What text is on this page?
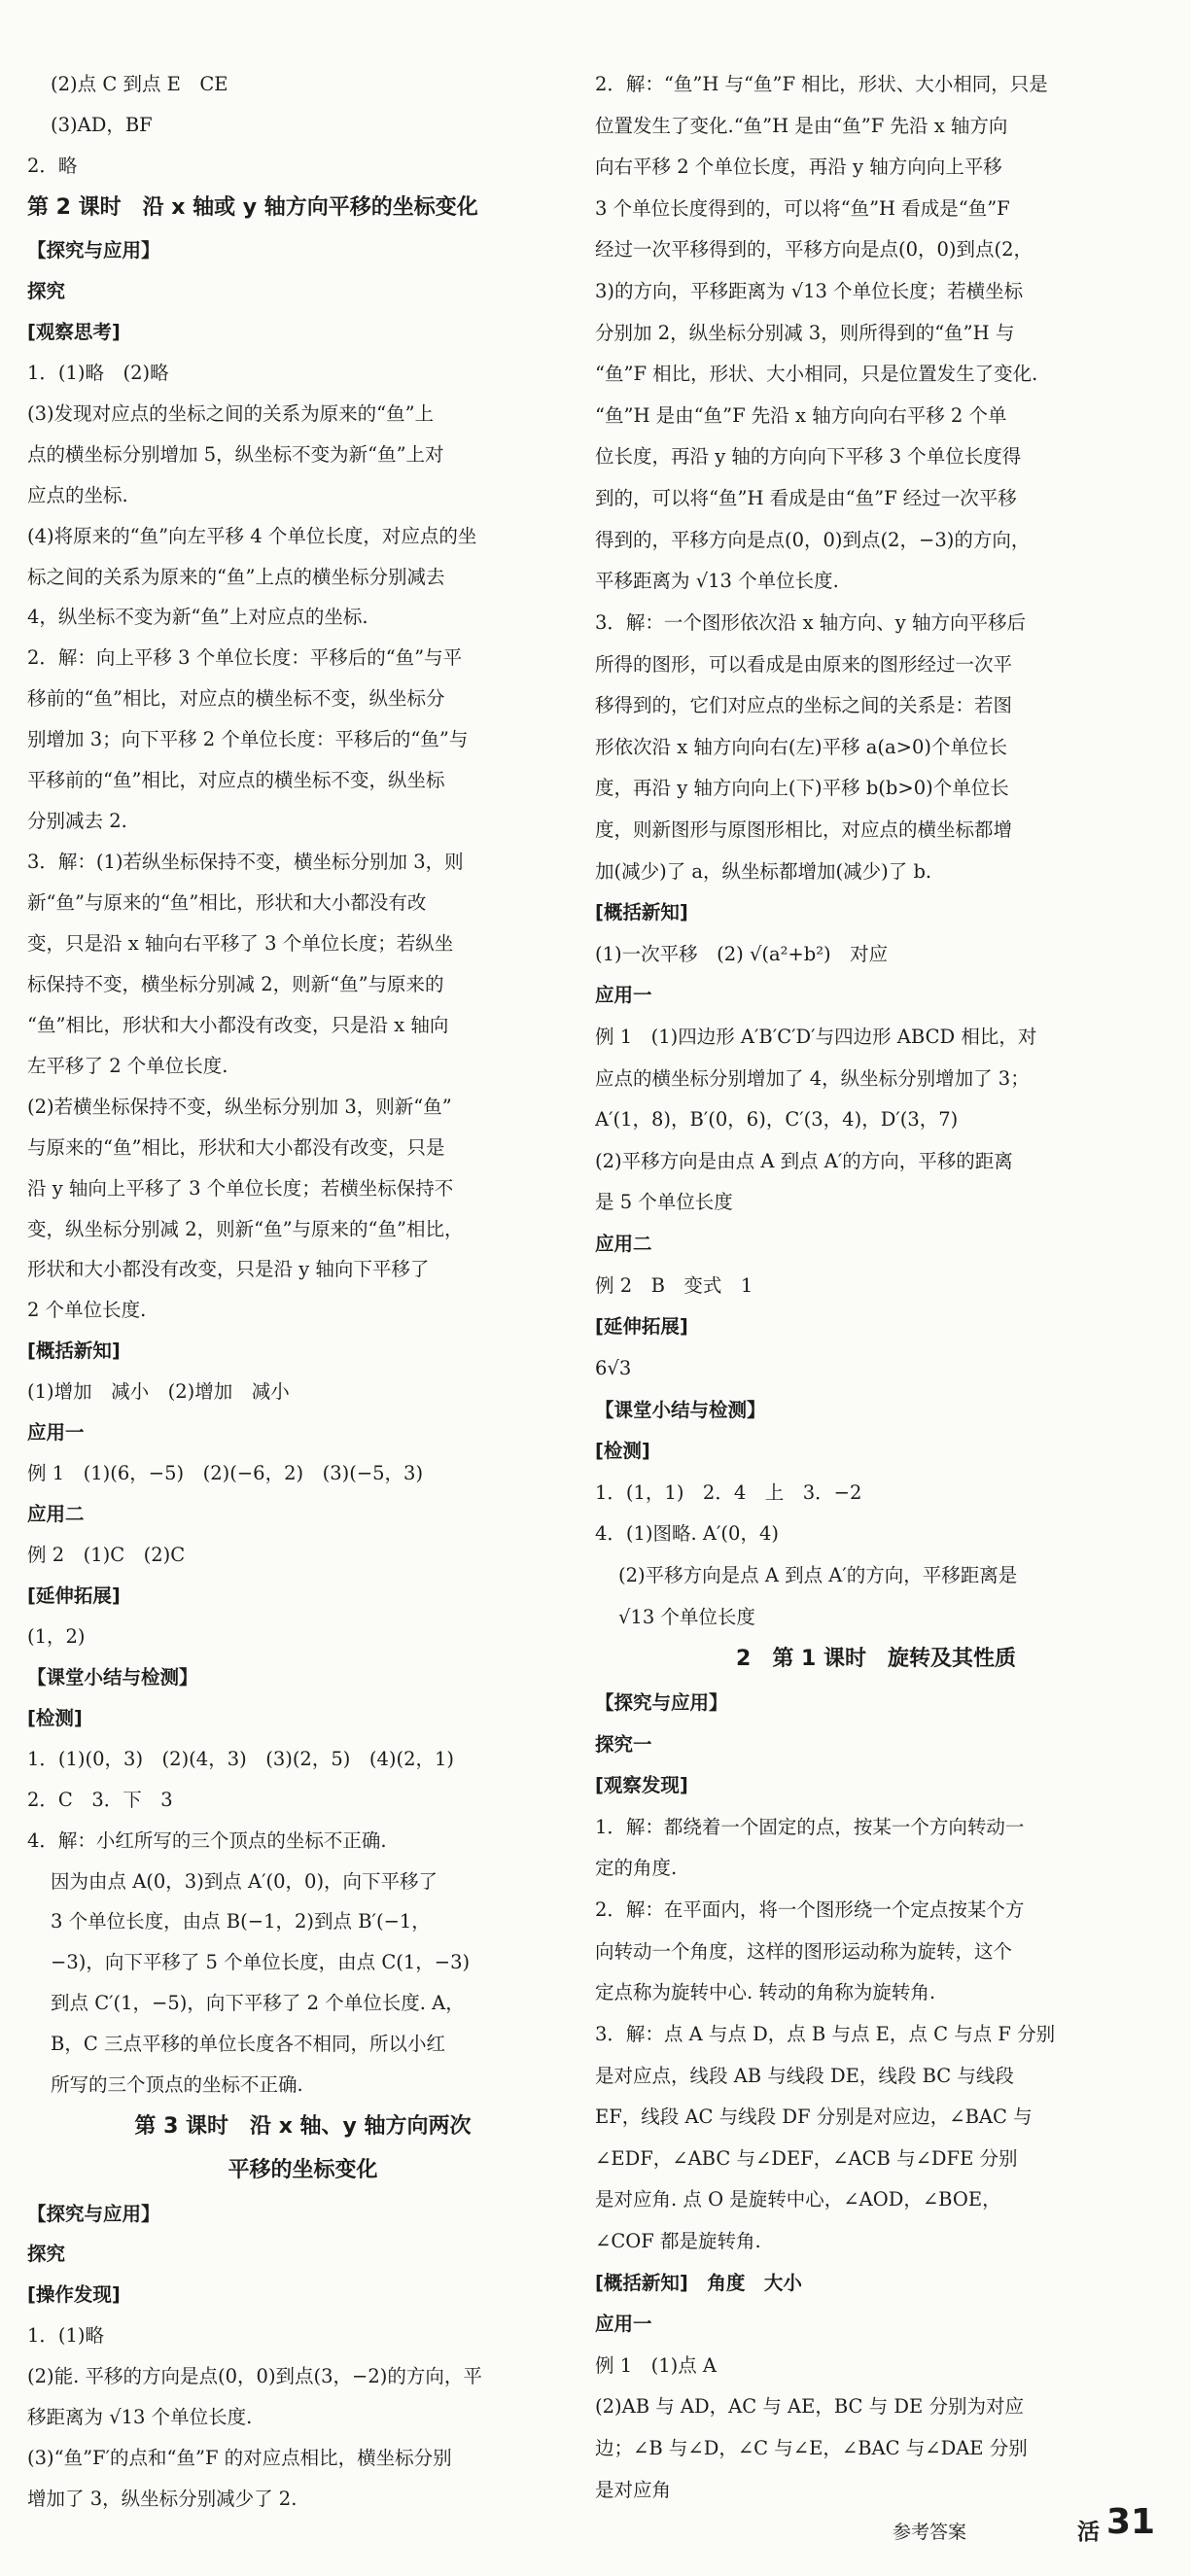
(2)点 C 到点 E　CE
(3)AD，BF
2．略
第 2 课时　沿 x 轴或 y 轴方向平移的坐标变化
【探究与应用】
探究
[观察思考]
1．(1)略　(2)略
(3)发现对应点的坐标之间的关系为原来的“鱼”上
点的横坐标分别增加 5，纵坐标不变为新“鱼”上对
应点的坐标.
(4)将原来的“鱼”向左平移 4 个单位长度，对应点的坐
标之间的关系为原来的“鱼”上点的横坐标分别减去
4，纵坐标不变为新“鱼”上对应点的坐标.
2．解：向上平移 3 个单位长度：平移后的“鱼”与平
移前的“鱼”相比，对应点的横坐标不变，纵坐标分
别增加 3；向下平移 2 个单位长度：平移后的“鱼”与
平移前的“鱼”相比，对应点的横坐标不变，纵坐标
分别减去 2.
3．解：(1)若纵坐标保持不变，横坐标分别加 3，则
新“鱼”与原来的“鱼”相比，形状和大小都没有改
变，只是沿 x 轴向右平移了 3 个单位长度；若纵坐
标保持不变，横坐标分别减 2，则新“鱼”与原来的
“鱼”相比，形状和大小都没有改变，只是沿 x 轴向
左平移了 2 个单位长度.
(2)若横坐标保持不变，纵坐标分别加 3，则新“鱼”
与原来的“鱼”相比，形状和大小都没有改变，只是
沿 y 轴向上平移了 3 个单位长度；若横坐标保持不
变，纵坐标分别减 2，则新“鱼”与原来的“鱼”相比，
形状和大小都没有改变，只是沿 y 轴向下平移了
2 个单位长度.
[概括新知]
(1)增加　减小　(2)增加　减小
应用一
例 1　(1)(6，−5)　(2)(−6，2)　(3)(−5，3)
应用二
例 2　(1)C　(2)C
[延伸拓展]
(1，2)
【课堂小结与检测】
[检测]
1．(1)(0，3)　(2)(4，3)　(3)(2，5)　(4)(2，1)
2．C　3．下　3
4．解：小红所写的三个顶点的坐标不正确.
因为由点 A(0，3)到点 A′(0，0)，向下平移了
3 个单位长度，由点 B(−1，2)到点 B′(−1，
−3)，向下平移了 5 个单位长度，由点 C(1，−3)
到点 C′(1，−5)，向下平移了 2 个单位长度. A，
B，C 三点平移的单位长度各不相同，所以小红
所写的三个顶点的坐标不正确.
第 3 课时　沿 x 轴、y 轴方向两次
平移的坐标变化
【探究与应用】
探究
[操作发现]
1．(1)略
(2)能. 平移的方向是点(0，0)到点(3，−2)的方向，平
移距离为 √13 个单位长度.
(3)“鱼”F′的点和“鱼”F 的对应点相比，横坐标分别
增加了 3，纵坐标分别减少了 2.
2．解：“鱼”H 与“鱼”F 相比，形状、大小相同，只是
位置发生了变化.“鱼”H 是由“鱼”F 先沿 x 轴方向
向右平移 2 个单位长度，再沿 y 轴方向向上平移
3 个单位长度得到的，可以将“鱼”H 看成是“鱼”F
经过一次平移得到的，平移方向是点(0，0)到点(2，
3)的方向，平移距离为 √13 个单位长度；若横坐标
分别加 2，纵坐标分别减 3，则所得到的“鱼”H 与
“鱼”F 相比，形状、大小相同，只是位置发生了变化.
“鱼”H 是由“鱼”F 先沿 x 轴方向向右平移 2 个单
位长度，再沿 y 轴的方向向下平移 3 个单位长度得
到的，可以将“鱼”H 看成是由“鱼”F 经过一次平移
得到的，平移方向是点(0，0)到点(2，−3)的方向，
平移距离为 √13 个单位长度.
3．解：一个图形依次沿 x 轴方向、y 轴方向平移后
所得的图形，可以看成是由原来的图形经过一次平
移得到的，它们对应点的坐标之间的关系是：若图
形依次沿 x 轴方向向右(左)平移 a(a>0)个单位长
度，再沿 y 轴方向向上(下)平移 b(b>0)个单位长
度，则新图形与原图形相比，对应点的横坐标都增
加(减少)了 a，纵坐标都增加(减少)了 b.
[概括新知]
(1)一次平移　(2) √(a²+b²)　对应
应用一
例 1　(1)四边形 A′B′C′D′与四边形 ABCD 相比，对
应点的横坐标分别增加了 4，纵坐标分别增加了 3；
A′(1，8)，B′(0，6)，C′(3，4)，D′(3，7)
(2)平移方向是由点 A 到点 A′的方向，平移的距离
是 5 个单位长度
应用二
例 2　B　变式　1
[延伸拓展]
6√3
【课堂小结与检测】
[检测]
1．(1，1)　2．4　上　3．−2
4．(1)图略. A′(0，4)
(2)平移方向是点 A 到点 A′的方向，平移距离是
√13 个单位长度
2　第 1 课时　旋转及其性质
【探究与应用】
探究一
[观察发现]
1．解：都绕着一个固定的点，按某一个方向转动一
定的角度.
2．解：在平面内，将一个图形绕一个定点按某个方
向转动一个角度，这样的图形运动称为旋转，这个
定点称为旋转中心. 转动的角称为旋转角.
3．解：点 A 与点 D，点 B 与点 E，点 C 与点 F 分别
是对应点，线段 AB 与线段 DE，线段 BC 与线段
EF，线段 AC 与线段 DF 分别是对应边，∠BAC 与
∠EDF，∠ABC 与∠DEF，∠ACB 与∠DFE 分别
是对应角. 点 O 是旋转中心，∠AOD，∠BOE，
∠COF 都是旋转角.
[概括新知]　角度　大小
应用一
例 1　(1)点 A
(2)AB 与 AD，AC 与 AE，BC 与 DE 分别为对应
边；∠B 与∠D，∠C 与∠E，∠BAC 与∠DAE 分别
是对应角
参考答案	活 31
